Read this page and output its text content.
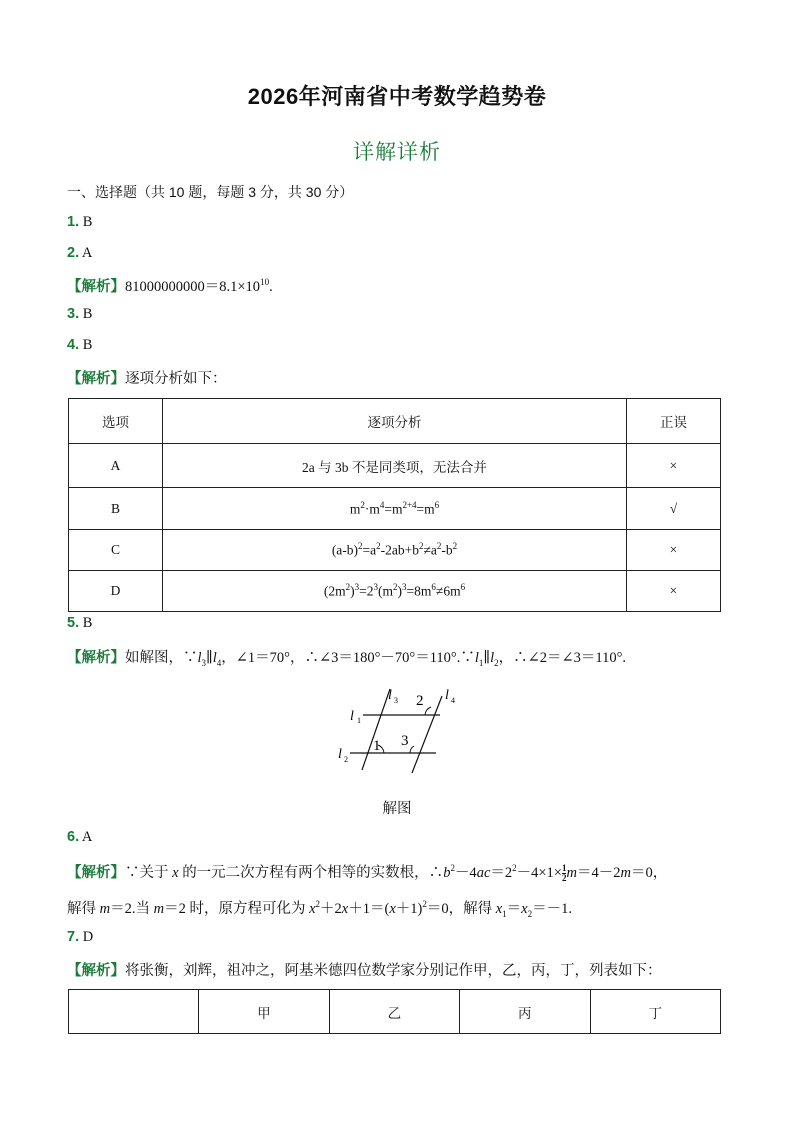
2026年河南省中考数学趋势卷
详解详析
一、选择题（共 10 题，每题 3 分，共 30 分）
1. B
2. A
【解析】$81000000000=8.1\times 10^{10}$.
3. B
4. B
【解析】逐项分析如下：
选项	逐项分析	正误
A	2a 与 3b 不是同类项，无法合并	×
B	$m^2\cdot m^4=m^{2+4}=m^6$	√
C	$(a-b)^2=a^2-2ab+b^2\ne a^2-b^2$	×
D	$(2m^2)^3=2^3(m^2)^3=8m^6\ne 6m^6$	×
5. B
【解析】如解图，$\because l_3\parallel l_4$，∠1＝70°，$\therefore\angle 3=180^\circ-70^\circ=110^\circ.\because l_1\parallel l_2$，∴∠2＝∠3＝110°.
l 1
l 2
l 3	l 4
2
1 3
解图
6. A
【解析】∵关于 x 的一元二次方程有两个相等的实数根，$\therefore b^2-4ac=2^2-4\times 1\times \frac{1}{2} m=4-2m=0$，
解得 m＝2.当 m＝2 时，原方程可化为 $x^2+2x+1=(x+1)^2=0$，解得 $x_1=x_2=-1$.
7. D
【解析】将张衡，刘辉，祖冲之，阿基米德四位数学家分别记作甲，乙，丙，丁，列表如下：
	甲	乙	丙	丁
